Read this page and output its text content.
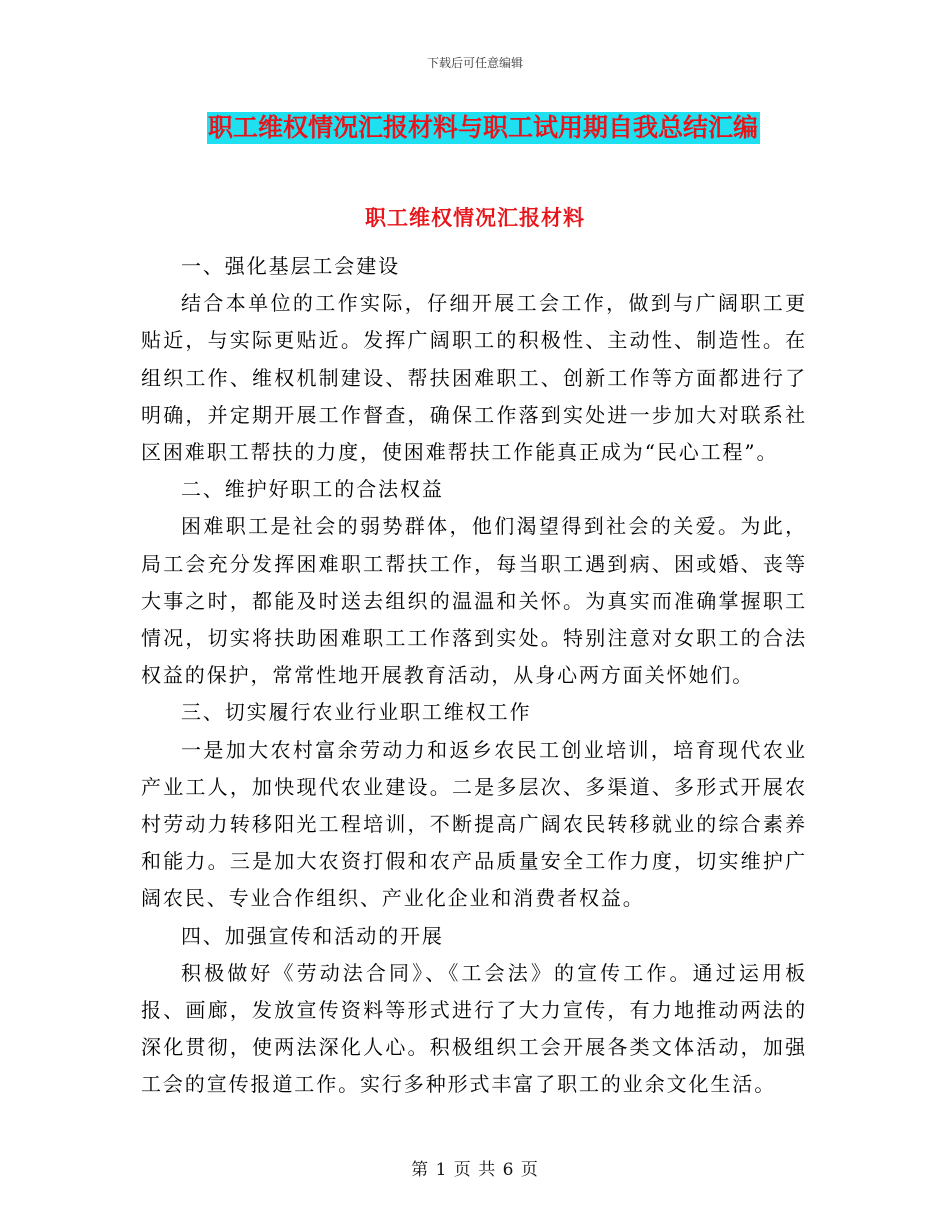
下载后可任意编辑
职工维权情况汇报材料与职工试用期自我总结汇编
职工维权情况汇报材料

一、强化基层工会建设

结合本单位的工作实际，仔细开展工会工作，做到与广阔职工更贴近，与实际更贴近。发挥广阔职工的积极性、主动性、制造性。在组织工作、维权机制建设、帮扶困难职工、创新工作等方面都进行了明确，并定期开展工作督查，确保工作落到实处进一步加大对联系社区困难职工帮扶的力度，使困难帮扶工作能真正成为“民心工程”。

二、维护好职工的合法权益

困难职工是社会的弱势群体，他们渴望得到社会的关爱。为此，局工会充分发挥困难职工帮扶工作，每当职工遇到病、困或婚、丧等大事之时，都能及时送去组织的温温和关怀。为真实而准确掌握职工情况，切实将扶助困难职工工作落到实处。特别注意对女职工的合法权益的保护，常常性地开展教育活动，从身心两方面关怀她们。

三、切实履行农业行业职工维权工作

一是加大农村富余劳动力和返乡农民工创业培训，培育现代农业产业工人，加快现代农业建设。二是多层次、多渠道、多形式开展农村劳动力转移阳光工程培训，不断提高广阔农民转移就业的综合素养和能力。三是加大农资打假和农产品质量安全工作力度，切实维护广阔农民、专业合作组织、产业化企业和消费者权益。

四、加强宣传和活动的开展

积极做好《劳动法合同》、《工会法》的宣传工作。通过运用板报、画廊，发放宣传资料等形式进行了大力宣传，有力地推动两法的深化贯彻，使两法深化人心。积极组织工会开展各类文体活动，加强工会的宣传报道工作。实行多种形式丰富了职工的业余文化生活。

第 1 页 共 6 页
